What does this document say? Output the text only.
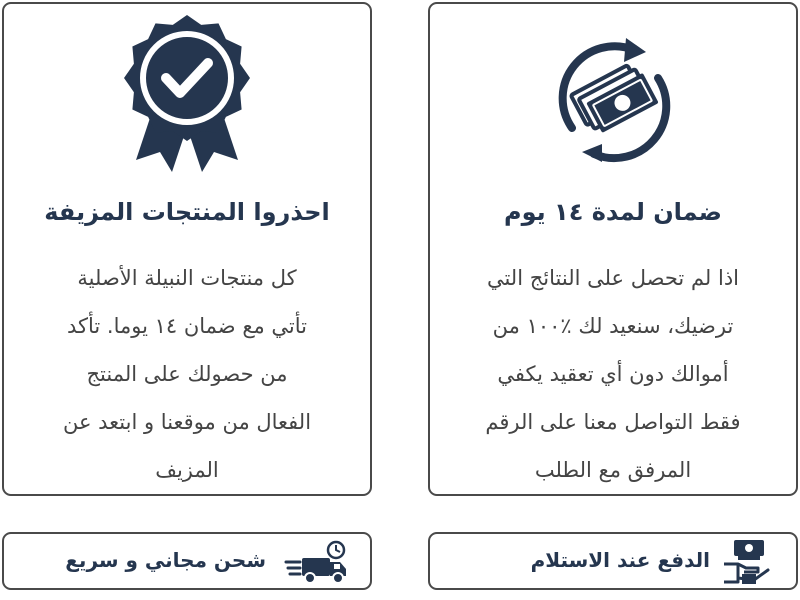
احذروا المنتجات المزيفة
كل منتجات النبيلة الأصلية
تأتي مع ضمان ١٤ يوما. تأكد
من حصولك على المنتج
الفعال من موقعنا و ابتعد عن
المزيف
ضمان لمدة ١٤ يوم
اذا لم تحصل على النتائج التي
ترضيك، سنعيد لك ٪١٠٠ من
أموالك دون أي تعقيد يكفي
فقط التواصل معنا على الرقم
المرفق مع الطلب
شحن مجاني و سريع	الدفع عند الاستلام
